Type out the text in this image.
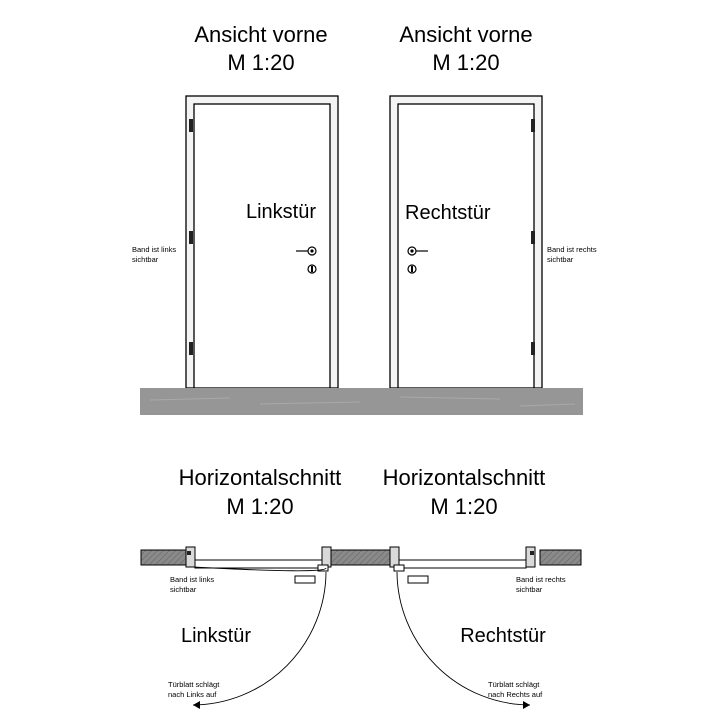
Ansicht vorne
M 1:20
Ansicht vorne
M 1:20
Linkstür
Band ist links
sichtbar
Rechtstür
Band ist rechts
sichtbar
Horizontalschnitt
M 1:20
Horizontalschnitt
M 1:20
Linkstür
Band ist links
sichtbar
Türblatt schlägt
nach Links auf
Rechtstür
Band ist rechts
sichtbar
Türblatt schlägt
nach Rechts auf
